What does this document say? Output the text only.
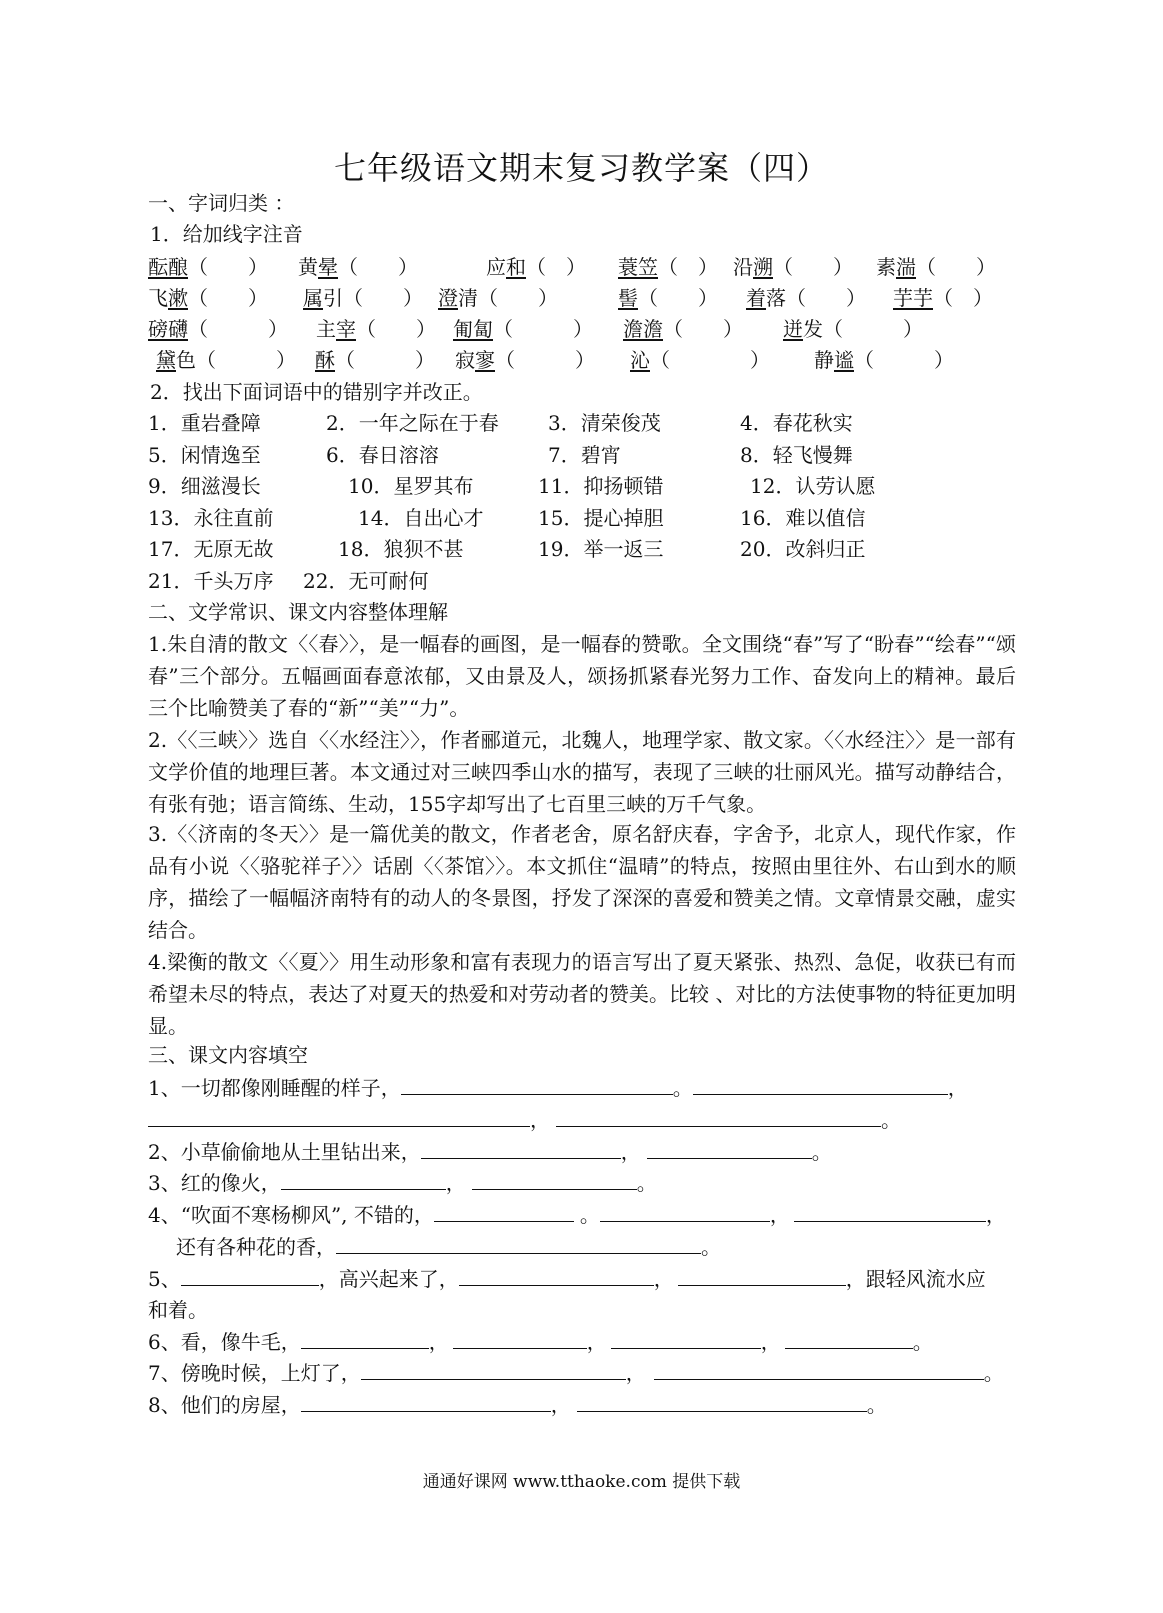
七年级语文期末复习教学案（四）
一、字词归类 ：
1．给加线字注音
酝酿（　　） 黄晕（　　）	应和（　） 蓑笠（　） 沿溯（　　） 素湍（　　）
飞漱（　　） 属引（　　） 澄清（　　）	髻（　　） 着落（　　） 芋芋（　）
磅礴（　　　） 主宰（　　） 匍匐（　　　） 澹澹（　　） 迸发（　　　）
黛色（　　　） 酥（　　　） 寂寥（　　　） 沁（　　　　） 静谧（　　　）
2．找出下面词语中的错别字并改正。
1．重岩叠障	2．一年之际在于春 3．清荣俊茂	4．春花秋实
5．闲情逸至	6．春日溶溶	7．碧宵	8．轻飞慢舞
9．细滋漫长	10．星罗其布	11．抑扬顿错	12．认劳认愿
13．永往直前	14．自出心才	15．提心掉胆	16．难以值信
17．无原无故	18．狼狈不甚	19．举一返三	20．改斜归正
21．千头万序 22．无可耐何
二、文学常识、课文内容整体理解
1.朱自清的散文〈〈春〉〉，是一幅春的画图，是一幅春的赞歌。全文围绕“春”写了“盼春”“绘春”“颂春”三个部分。五幅画面春意浓郁，又由景及人，颂扬抓紧春光努力工作、奋发向上的精神。最后三个比喻赞美了春的“新”“美”“力”。
2.〈〈三峡〉〉选自〈〈水经注〉〉，作者郦道元，北魏人，地理学家、散文家。〈〈水经注〉〉是一部有文学价值的地理巨著。本文通过对三峡四季山水的描写，表现了三峡的壮丽风光。描写动静结合，有张有弛；语言简练、生动，155字却写出了七百里三峡的万千气象。
3.〈〈济南的冬天〉〉是一篇优美的散文，作者老舍，原名舒庆春，字舍予，北京人，现代作家，作品有小说〈〈骆驼祥子〉〉话剧〈〈茶馆〉〉。本文抓住“温晴”的特点，按照由里往外、右山到水的顺序，描绘了一幅幅济南特有的动人的冬景图，抒发了深深的喜爱和赞美之情。文章情景交融，虚实结合。
4.梁衡的散文〈〈夏〉〉用生动形象和富有表现力的语言写出了夏天紧张、热烈、急促，收获已有而希望未尽的特点，表达了对夏天的热爱和对劳动者的赞美。比较 、对比的方法使事物的特征更加明显。
三、课文内容填空
1、一切都像刚睡醒的样子，	。	，
，	。
2、小草偷偷地从土里钻出来，	，	。
3、红的像火，	，	。
4、“吹面不寒杨柳风”, 不错的，	。	，	，
还有各种花的香，	。
5、	，高兴起来了，	，	，跟轻风流水应
和着。
6、看，像牛毛，	，	，	，	。
7、傍晚时候，上灯了，	，	。
8、他们的房屋，	，	。
通通好课网 www.tthaoke.com 提供下载
